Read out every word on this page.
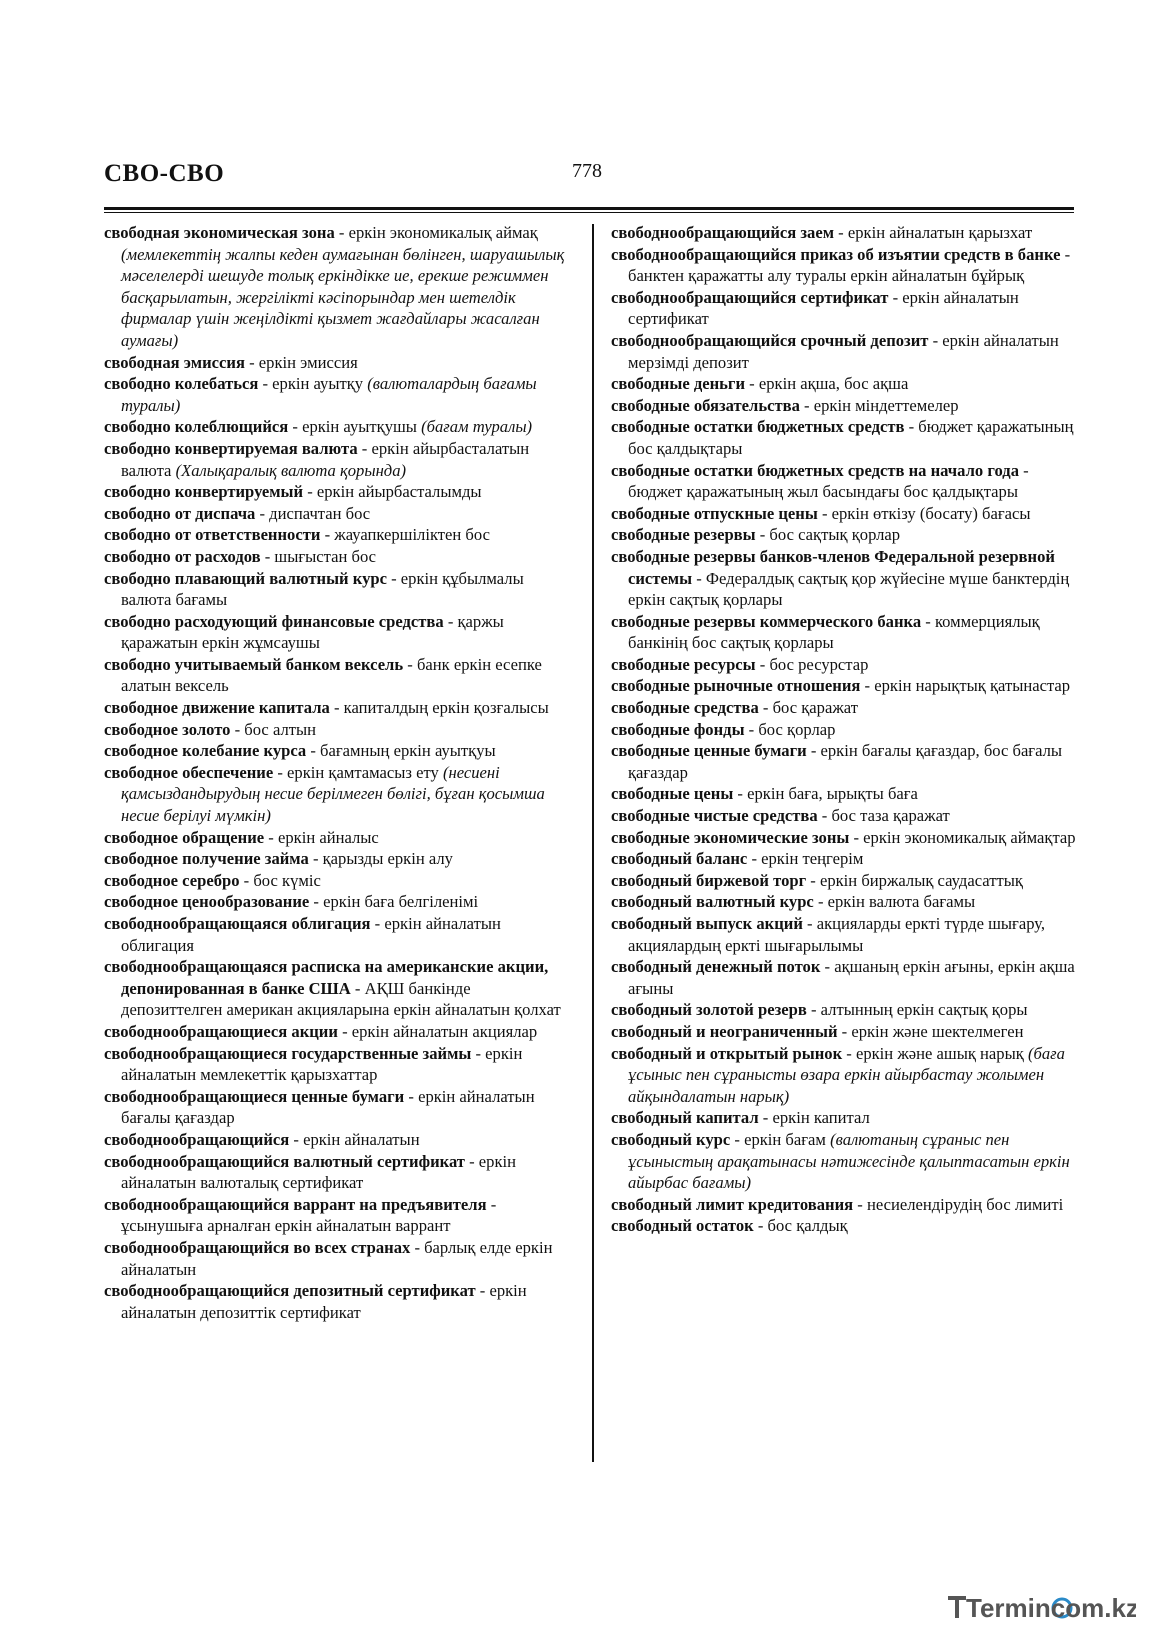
СВО-СВО	778

свободная экономическая зона - еркін экономикалық аймақ (мемлекеттің жалпы кеден аумағынан бөлінген, шаруашылық мәселелерді шешуде толық еркіндікке ие, ерекше режиммен басқарылатын, жергілікті кәсіпорындар мен шетелдік фирмалар үшін жеңілдікті қызмет жағдайлары жасалған аумағы)

свободная эмиссия - еркін эмиссия

свободно колебаться - еркін ауытқу (валюталардың бағамы туралы)

свободно колеблющийся - еркін ауытқушы (бағам туралы)

свободно конвертируемая валюта - еркін айырбасталатын валюта (Халықаралық валюта қорында)

свободно конвертируемый - еркін айырбасталымды

свободно от диспача - диспачтан бос

свободно от ответственности - жауапкершіліктен бос

свободно от расходов - шығыстан бос

свободно плавающий валютный курс - еркін құбылмалы валюта бағамы

свободно расходующий финансовые средства - қаржы қаражатын еркін жұмсаушы

свободно учитываемый банком вексель - банк еркін есепке алатын вексель

свободное движение капитала - капиталдың еркін қозғалысы

свободное золото - бос алтын

свободное колебание курса - бағамның еркін ауытқуы

свободное обеспечение - еркін қамтамасыз ету (несиені қамсыздандырудың несие берілмеген бөлігі, бұған қосымша несие берілуі мүмкін)

свободное обращение - еркін айналыс

свободное получение займа - қарызды еркін алу

свободное серебро - бос күміс

свободное ценообразование - еркін баға белгіленімі

свободнообращающаяся облигация - еркін айналатын облигация

свободнообращающаяся расписка на американские акции, депонированная в банке США - АҚШ банкінде депозиттелген американ акцияларына еркін айналатын қолхат

свободнообращающиеся акции - еркін айналатын акциялар

свободнообращающиеся государственные займы - еркін айналатын мемлекеттік қарызхаттар

свободнообращающиеся ценные бумаги - еркін айналатын бағалы қағаздар

свободнообращающийся - еркін айналатын

свободнообращающийся валютный сертификат - еркін айналатын валюталық сертификат

свободнообращающийся варрант на предъявителя - ұсынушыға арналған еркін айналатын варрант

свободнообращающийся во всех странах - барлық елде еркін айналатын

свободнообращающийся депозитный сертификат - еркін айналатын депозиттік сертификат

свободнообращающийся заем - еркін айналатын қарызхат

свободнообращающийся приказ об изъятии средств в банке - банктен қаражатты алу туралы еркін айналатын бұйрық

свободнообращающийся сертификат - еркін айналатын сертификат

свободнообращающийся срочный депозит - еркін айналатын мерзімді депозит

свободные деньги - еркін ақша, бос ақша

свободные обязательства - еркін міндеттемелер

свободные остатки бюджетных средств - бюджет қаражатының бос қалдықтары

свободные остатки бюджетных средств на начало года - бюджет қаражатының жыл басындағы бос қалдықтары

свободные отпускные цены - еркін өткізу (босату) бағасы

свободные резервы - бос сақтық қорлар

свободные резервы банков-членов Федеральной резервной системы - Федералдық сақтық қор жүйесіне мүше банктердің еркін сақтық қорлары

свободные резервы коммерческого банка - коммерциялық банкінің бос сақтық қорлары

свободные ресурсы - бос ресурстар

свободные рыночные отношения - еркін нарықтық қатынастар

свободные средства - бос қаражат

свободные фонды - бос қорлар

свободные ценные бумаги - еркін бағалы қағаздар, бос бағалы қағаздар

свободные цены - еркін баға, ырықты баға

свободные чистые средства - бос таза қаражат

свободные экономические зоны - еркін экономикалық аймақтар

свободный баланс - еркін теңгерім

свободный биржевой торг - еркін биржалық саудасаттық

свободный валютный курс - еркін валюта бағамы

свободный выпуск акций - акцияларды еркті түрде шығару, акциялардың еркті шығарылымы

свободный денежный поток - ақшаның еркін ағыны, еркін ақша ағыны

свободный золотой резерв - алтынның еркін сақтық қоры

свободный и неограниченный - еркін және шектелмеген

свободный и открытый рынок - еркін және ашық нарық (баға ұсыныс пен сұранысты өзара еркін айырбастау жолымен айқындалатын нарық)

свободный капитал - еркін капитал

свободный курс - еркін бағам (валютаның сұраныс пен ұсыныстың арақатынасы нәтижесінде қалыптасатын еркін айырбас бағамы)

свободный лимит кредитования - несиелендірудің бос лимиті

свободный остаток - бос қалдық

Termincom.kz
